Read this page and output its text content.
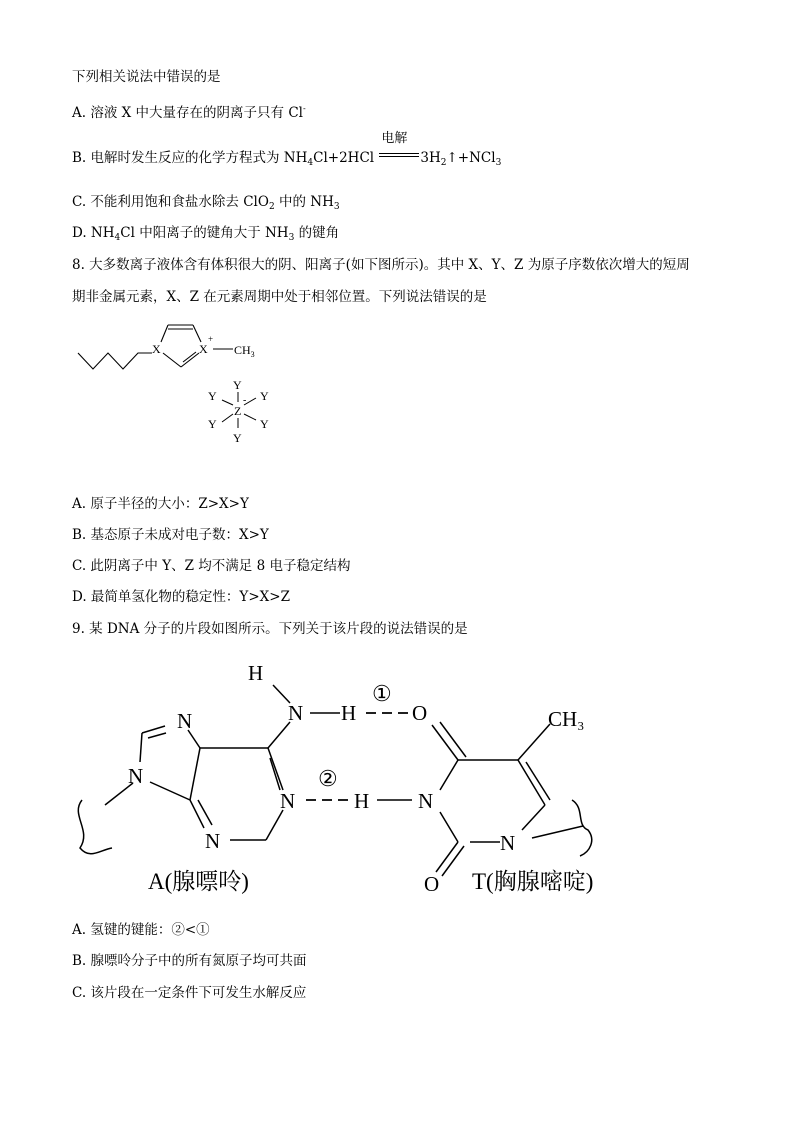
下列相关说法中错误的是
A. 溶液 X 中大量存在的阴离子只有 Cl-
B. 电解时发生反应的化学方程式为 $NH_4Cl+2HCl$
电解
$3H_2↑+NCl_3$
C. 不能利用饱和食盐水除去 ClO$_2$ 中的 $NH_3$
D. $NH_4Cl$ 中阳离子的键角大于 $NH_3$ 的键角
8. 大多数离子液体含有体积很大的阴、阳离子(如下图所示)。其中 X、Y、Z 为原子序数依次增大的短周
期非金属元素，X、Z 在元素周期中处于相邻位置。下列说法错误的是
X	X
+
$CH_3$
Y
Y	Y
Z
-
Y	Y
Y
A. 原子半径的大小：Z>X>Y
B. 基态原子未成对电子数：X>Y
C. 此阴离子中 Y、Z 均不满足 8 电子稳定结构
D. 最简单氢化物的稳定性：Y>X>Z
9. 某 DNA 分子的片段如图所示。下列关于该片段的说法错误的是
H
N H	O	CH₃
N
N
N
N
H N
N
O
①
②
A(腺嘌呤)	T(胸腺嘧啶)
A. 氢键的键能：②<①
B. 腺嘌呤分子中的所有氮原子均可共面
C. 该片段在一定条件下可发生水解反应
